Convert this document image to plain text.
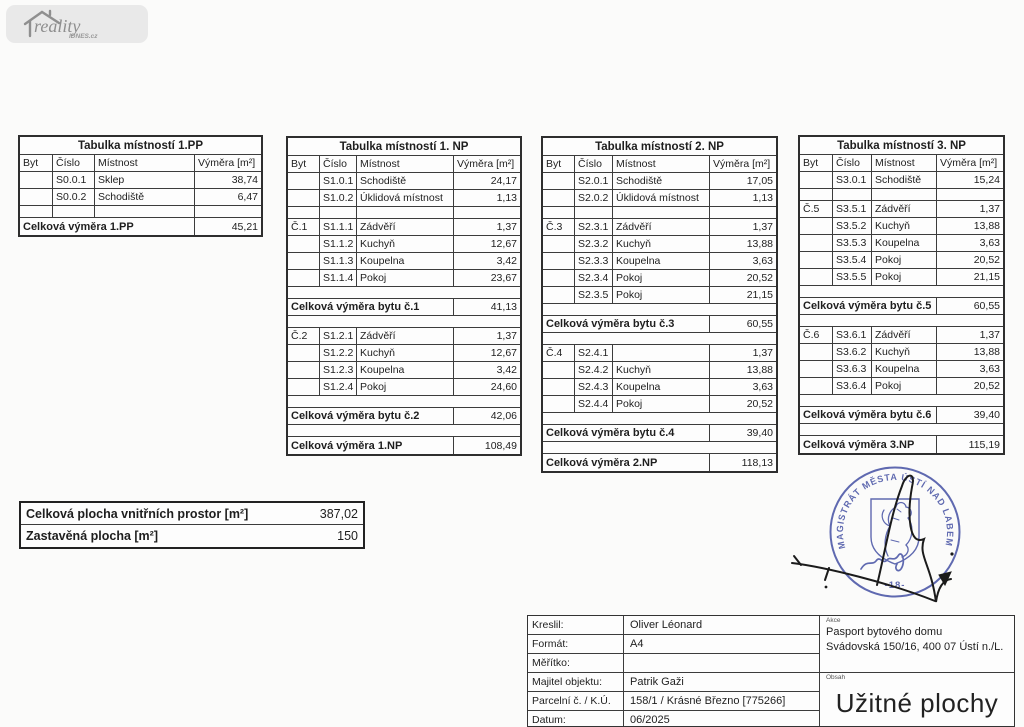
reality
IDNES.cz
Tabulka místností 1.PP
Byt	Číslo	Místnost	Výměra [m²]
S0.0.1	Sklep	38,74
S0.0.2	Schodiště	6,47
Celková výměra 1.PP	45,21
Tabulka místností 1. NP
Byt	Číslo	Místnost	Výměra [m²]
S1.0.1 Schodiště	24,17
S1.0.2 Úklidová místnost	1,13
Č.1	S1.1.1 Zádvěří	1,37
S1.1.2 Kuchyň	12,67
S1.1.3 Koupelna	3,42
S1.1.4 Pokoj	23,67
Celková výměra bytu č.1	41,13
Č.2	S1.2.1 Zádvěří	1,37
S1.2.2 Kuchyň	12,67
S1.2.3 Koupelna	3,42
S1.2.4 Pokoj	24,60
Celková výměra bytu č.2	42,06
Celková výměra 1.NP	108,49
Tabulka místností 2. NP
Byt	Číslo	Místnost	Výměra [m²]
S2.0.1 Schodiště	17,05
S2.0.2 Úklidová místnost	1,13
Č.3	S2.3.1 Zádvěří	1,37
S2.3.2 Kuchyň	13,88
S2.3.3 Koupelna	3,63
S2.3.4 Pokoj	20,52
S2.3.5 Pokoj	21,15
Celková výměra bytu č.3	60,55
Č.4	S2.4.1	1,37
S2.4.2 Kuchyň	13,88
S2.4.3 Koupelna	3,63
S2.4.4 Pokoj	20,52
Celková výměra bytu č.4	39,40
Celková výměra 2.NP	118,13
Tabulka místností 3. NP
Byt	Číslo	Místnost	Výměra [m²]
S3.0.1 Schodiště	15,24
Č.5	S3.5.1 Zádvěří	1,37
S3.5.2 Kuchyň	13,88
S3.5.3 Koupelna	3,63
S3.5.4 Pokoj	20,52
S3.5.5 Pokoj	21,15
Celková výměra bytu č.5	60,55
Č.6	S3.6.1 Zádvěří	1,37
S3.6.2 Kuchyň	13,88
S3.6.3 Koupelna	3,63
S3.6.4 Pokoj	20,52
Celková výměra bytu č.6	39,40
Celková výměra 3.NP	115,19
Celková plocha vnitřních prostor [m²]	387,02
Zastavěná plocha [m²]	150
MAGISTRÁT MĚSTA ÚSTÍ NAD LABEM
-18-
Kreslil:	Oliver Léonard
Formát:	A4
Měřítko:
Majitel objektu:	Patrik Gaži
Parcelní č. / K.Ú.	158/1 / Krásné Březno [775266]
Datum:	06/2025
Akce
Pasport bytového domu
Svádovská 150/16, 400 07 Ústí n./L.
Obsah
Užitné plochy
